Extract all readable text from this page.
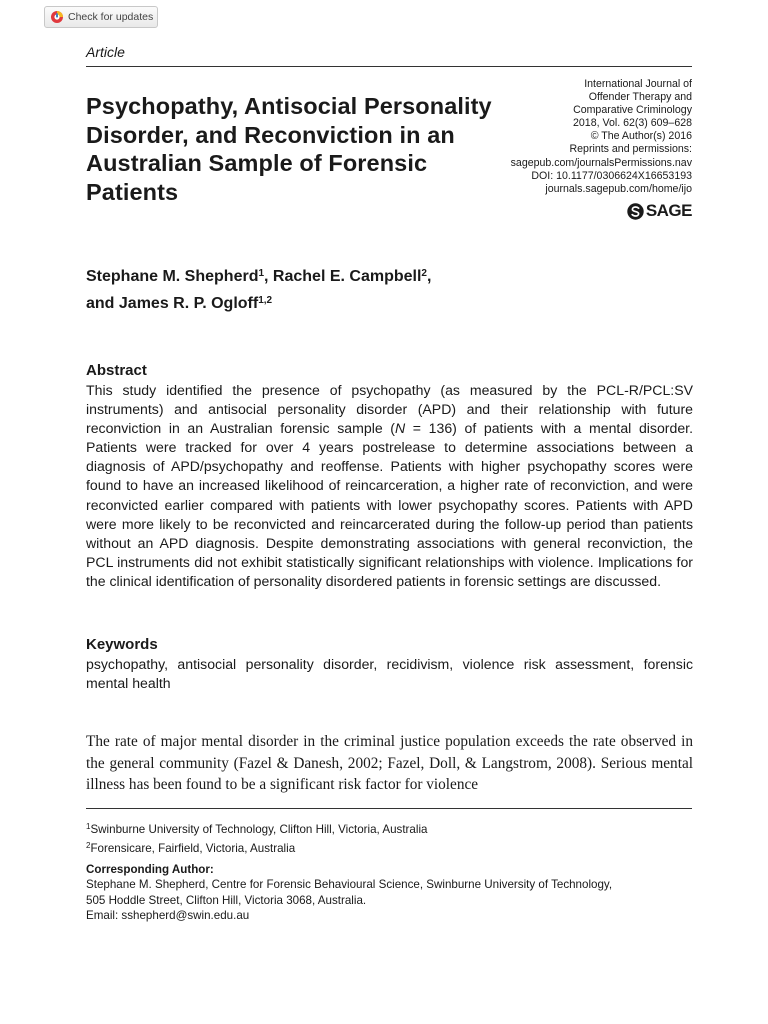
Check for updates
Article
Psychopathy, Antisocial Personality Disorder, and Reconviction in an Australian Sample of Forensic Patients
International Journal of
Offender Therapy and
Comparative Criminology
2018, Vol. 62(3) 609–628
© The Author(s) 2016
Reprints and permissions:
sagepub.com/journalsPermissions.nav
DOI: 10.1177/0306624X16653193
journals.sagepub.com/home/ijo
SAGE
Stephane M. Shepherd$^1$, Rachel E. Campbell$^2$,
and James R. P. Ogloff$^{1,2}$
Abstract

This study identified the presence of psychopathy (as measured by the PCL-R/PCL:SV instruments) and antisocial personality disorder (APD) and their relationship with future reconviction in an Australian forensic sample (N = 136) of patients with a mental disorder. Patients were tracked for over 4 years postrelease to determine associations between a diagnosis of APD/psychopathy and reoffense. Patients with higher psychopathy scores were found to have an increased likelihood of reincarceration, a higher rate of reconviction, and were reconvicted earlier compared with patients with lower psychopathy scores. Patients with APD were more likely to be reconvicted and reincarcerated during the follow-up period than patients without an APD diagnosis. Despite demonstrating associations with general reconviction, the PCL instruments did not exhibit statistically significant relationships with violence. Implications for the clinical identification of personality disordered patients in forensic settings are discussed.

Keywords

psychopathy, antisocial personality disorder, recidivism, violence risk assessment, forensic mental health

The rate of major mental disorder in the criminal justice population exceeds the rate observed in the general community (Fazel & Danesh, 2002; Fazel, Doll, & Langstrom, 2008). Serious mental illness has been found to be a significant risk factor for violence

$^1$Swinburne University of Technology, Clifton Hill, Victoria, Australia
$^2$Forensicare, Fairfield, Victoria, Australia
Corresponding Author:
Stephane M. Shepherd, Centre for Forensic Behavioural Science, Swinburne University of Technology,
505 Hoddle Street, Clifton Hill, Victoria 3068, Australia.
Email: sshepherd@swin.edu.au
